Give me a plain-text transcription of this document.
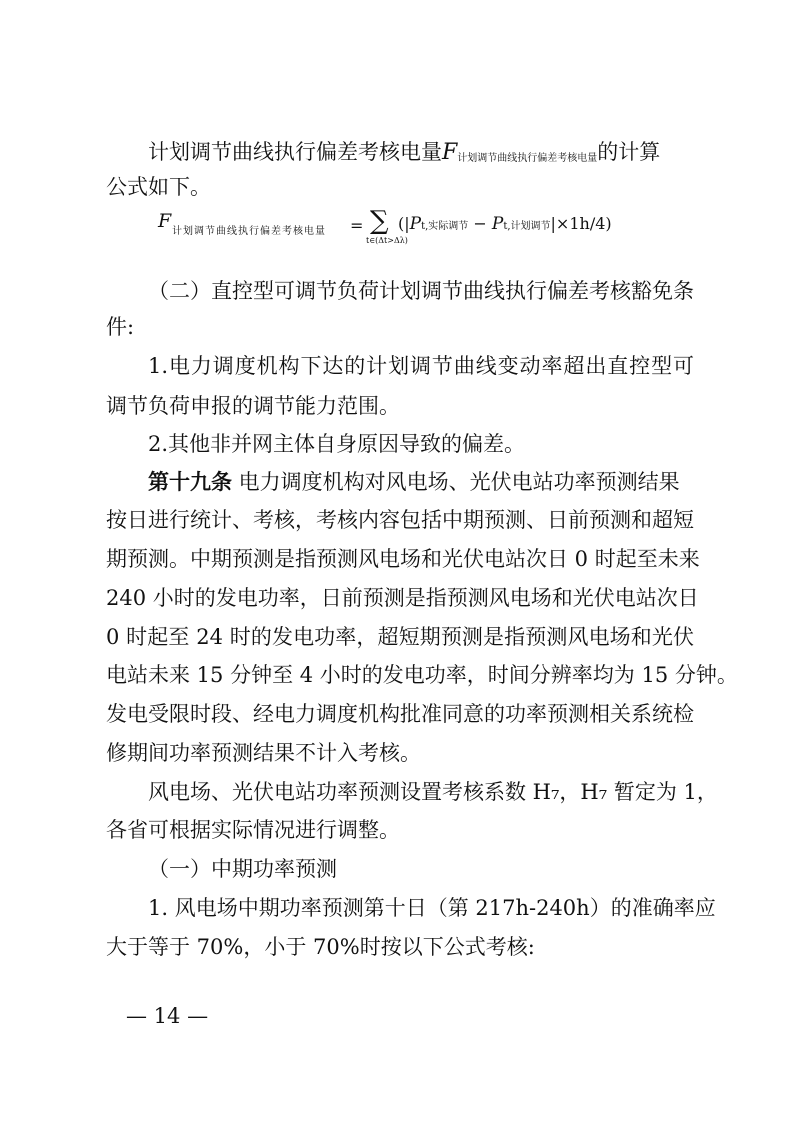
计划调节曲线执行偏差考核电量F计划调节曲线执行偏差考核电量的计算
公式如下。
F 计划调节曲线执行偏差考核电量 = ∑
t∈(Δt>Δλ)
(|Pt,实际调节 − Pt,计划调节|×1h/4)
（二）直控型可调节负荷计划调节曲线执行偏差考核豁免条
件:
1.电力调度机构下达的计划调节曲线变动率超出直控型可
调节负荷申报的调节能力范围。
2.其他非并网主体自身原因导致的偏差。
第十九条 电力调度机构对风电场、光伏电站功率预测结果
按日进行统计、考核，考核内容包括中期预测、日前预测和超短
期预测。中期预测是指预测风电场和光伏电站次日 0 时起至未来
240 小时的发电功率，日前预测是指预测风电场和光伏电站次日
0 时起至 24 时的发电功率，超短期预测是指预测风电场和光伏
电站未来 15 分钟至 4 小时的发电功率，时间分辨率均为 15 分钟。
发电受限时段、经电力调度机构批准同意的功率预测相关系统检
修期间功率预测结果不计入考核。
风电场、光伏电站功率预测设置考核系数 H₇，H₇ 暂定为 1，
各省可根据实际情况进行调整。
（一）中期功率预测
1. 风电场中期功率预测第十日（第 217h-240h）的准确率应
大于等于 70%，小于 70%时按以下公式考核:
— 14 —
